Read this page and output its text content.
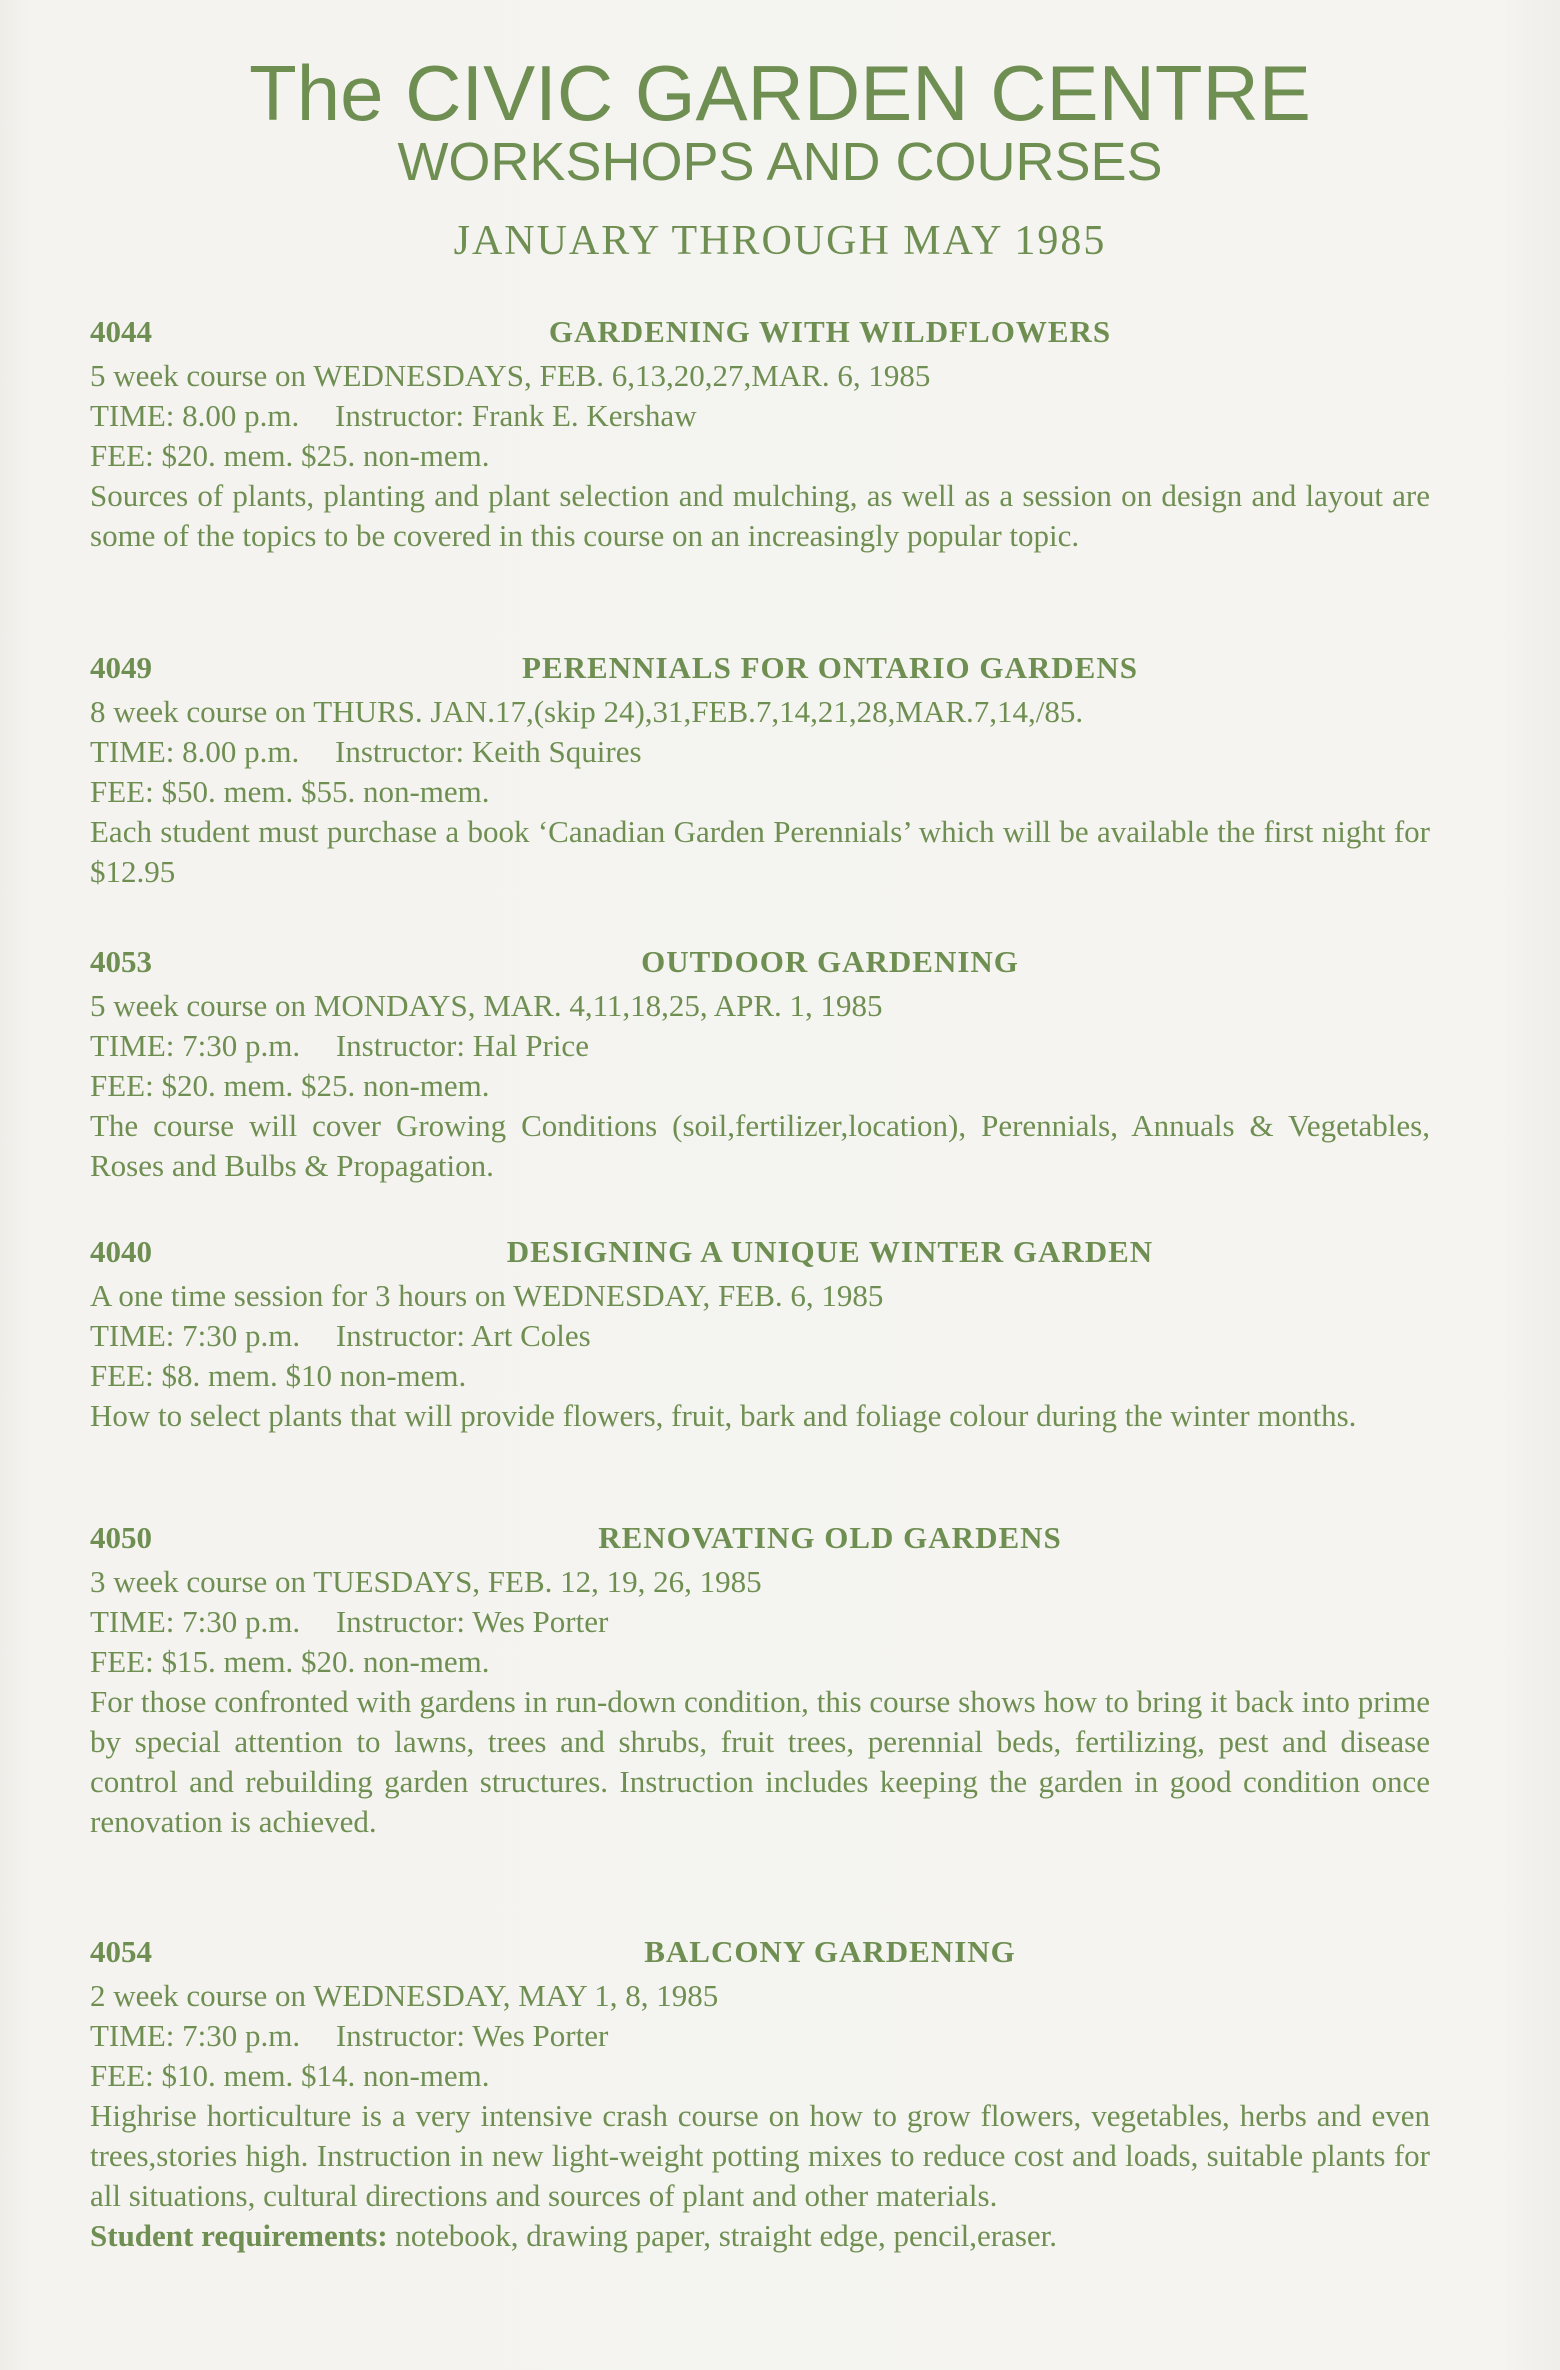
The CIVIC GARDEN CENTRE
WORKSHOPS AND COURSES
JANUARY THROUGH MAY 1985
4044	GARDENING WITH WILDFLOWERS
5 week course on WEDNESDAYS, FEB. 6,13,20,27,MAR. 6, 1985
TIME: 8.00 p.m. Instructor: Frank E. Kershaw
FEE: $20. mem. $25. non-mem.
Sources of plants, planting and plant selection and mulching, as well as a session on design and layout are some of the topics to be covered in this course on an increasingly popular topic.
4049	PERENNIALS FOR ONTARIO GARDENS
8 week course on THURS. JAN.17,(skip 24),31,FEB.7,14,21,28,MAR.7,14,/85.
TIME: 8.00 p.m. Instructor: Keith Squires
FEE: $50. mem. $55. non-mem.
Each student must purchase a book ‘Canadian Garden Perennials’ which will be available the first night for $12.95
4053	OUTDOOR GARDENING
5 week course on MONDAYS, MAR. 4,11,18,25, APR. 1, 1985
TIME: 7:30 p.m. Instructor: Hal Price
FEE: $20. mem. $25. non-mem.
The course will cover Growing Conditions (soil,fertilizer,location), Perennials, Annuals & Vegetables, Roses and Bulbs & Propagation.
4040	DESIGNING A UNIQUE WINTER GARDEN
A one time session for 3 hours on WEDNESDAY, FEB. 6, 1985
TIME: 7:30 p.m. Instructor: Art Coles
FEE: $8. mem. $10 non-mem.
How to select plants that will provide flowers, fruit, bark and foliage colour during the winter months.
4050	RENOVATING OLD GARDENS
3 week course on TUESDAYS, FEB. 12, 19, 26, 1985
TIME: 7:30 p.m. Instructor: Wes Porter
FEE: $15. mem. $20. non-mem.
For those confronted with gardens in run-down condition, this course shows how to bring it back into prime by special attention to lawns, trees and shrubs, fruit trees, perennial beds, fertilizing, pest and disease control and rebuilding garden structures. Instruction includes keeping the garden in good condition once renovation is achieved.
4054	BALCONY GARDENING
2 week course on WEDNESDAY, MAY 1, 8, 1985
TIME: 7:30 p.m. Instructor: Wes Porter
FEE: $10. mem. $14. non-mem.
Highrise horticulture is a very intensive crash course on how to grow flowers, vegetables, herbs and even trees,stories high. Instruction in new light-weight potting mixes to reduce cost and loads, suitable plants for all situations, cultural directions and sources of plant and other materials.
Student requirements: notebook, drawing paper, straight edge, pencil,eraser.
